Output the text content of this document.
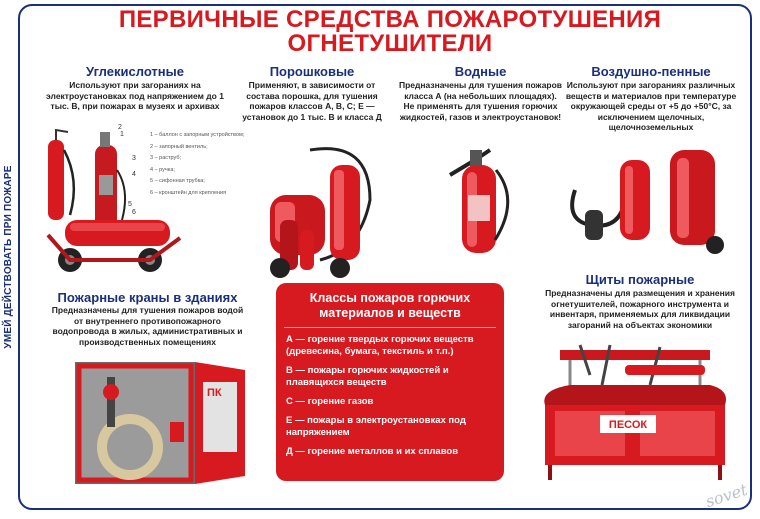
УМЕЙ ДЕЙСТВОВАТЬ ПРИ ПОЖАРЕ
ПЕРВИЧНЫЕ СРЕДСТВА ПОЖАРОТУШЕНИЯ
ОГНЕТУШИТЕЛИ
Углекислотные
Используют при загораниях на электроустановках под напряжением до 1 тыс. В, при пожарах в музеях и архивах
Порошковые
Применяют, в зависимости от состава порошка, для тушения пожаров классов А, В, С; Е — установок до 1 тыс. В и класса Д
Водные
Предназначены для тушения пожаров класса А (на небольших площадях). Не применять для тушения горючих жидкостей, газов и электроустановок!
Воздушно-пенные
Используют при загораниях различных веществ и материалов при температуре окружающей среды от +5 до +50°С, за исключением щелочных, щелочноземельных
Пожарные краны в зданиях
Предназначены для тушения пожаров водой от внутреннего противопожарного водопровода в жилых, административных и производственных помещениях
Щиты пожарные
Предназначены для размещения и хранения огнетушителей, пожарного инструмента и инвентаря, применяемых для ликвидации загораний на объектах экономики
1 – баллон с запорным устройством;
2 – запорный вентиль;
3 – раструб;
4 – ручка;
5 – сифонная трубка;
6 – кронштейн для крепления
1
2
3
4
5
6
ПК
Классы пожаров горючих материалов и веществ
А — горение твердых горючих веществ (древесина, бумага, текстиль и т.п.)
В — пожары горючих жидкостей и плавящихся веществ
С — горение газов
Е — пожары в электроустановках под напряжением
Д — горение металлов и их сплавов
ПЕСОК
sovet
